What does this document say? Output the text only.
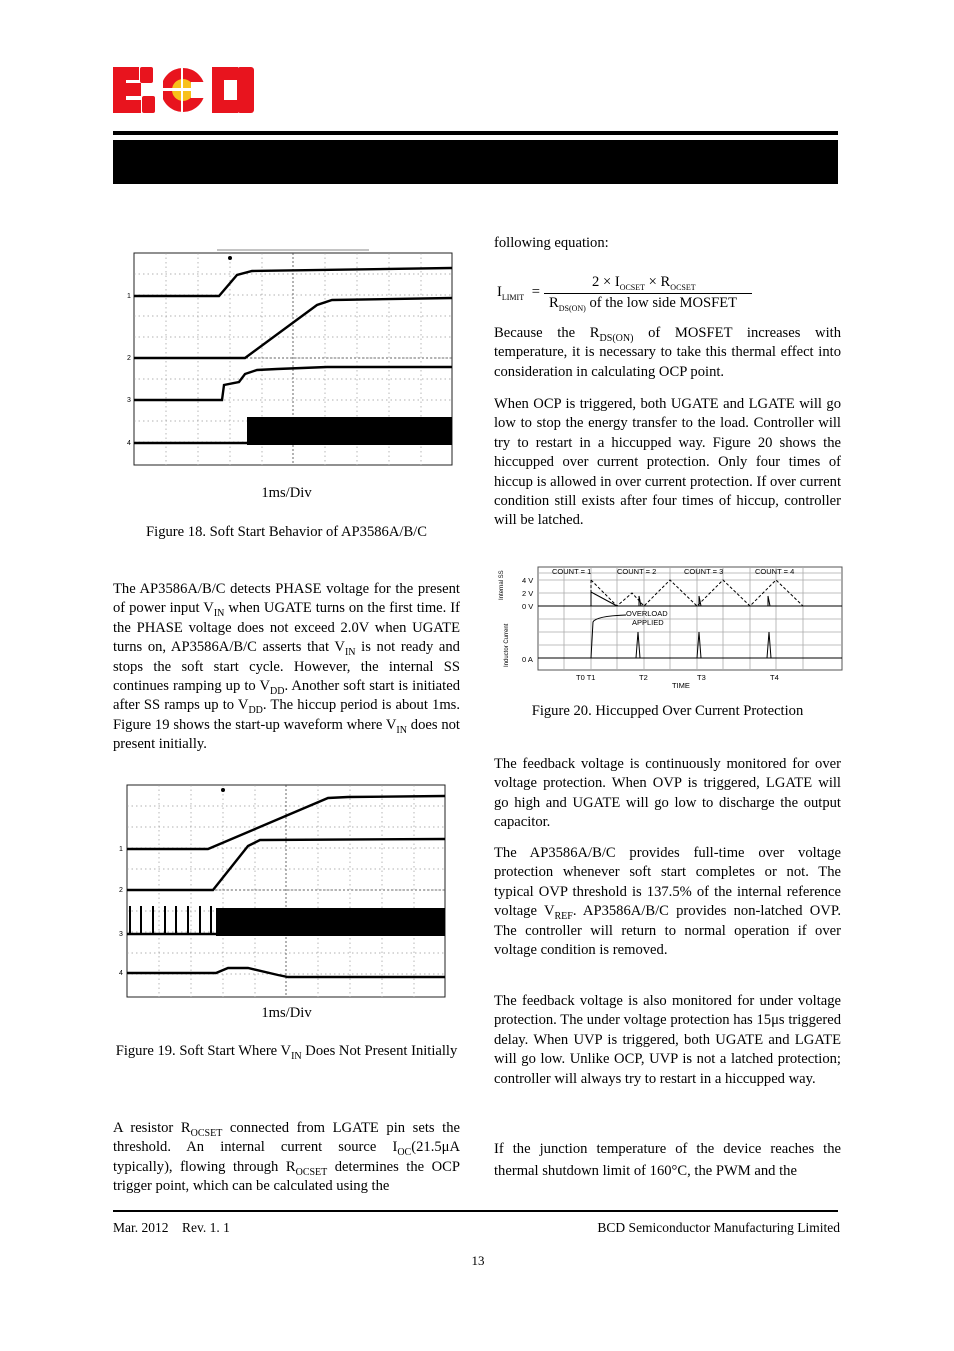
1
2
3
4

1ms/Div

Figure 18. Soft Start Behavior of AP3586A/B/C

The AP3586A/B/C detects PHASE voltage for the present of power input $V_{IN}$ when UGATE turns on the first time. If the PHASE voltage does not exceed 2.0V when UGATE turns on, AP3586A/B/C asserts that $V_{IN}$ is not ready and stops the soft start cycle. However, the internal SS continues ramping up to $V_{DD}$. Another soft start is initiated after SS ramps up to $V_{DD}$. The hiccup period is about 1ms. Figure 19 shows the start-up waveform where $V_{IN}$ does not present initially.

1
2
3
4

1ms/Div

Figure 19. Soft Start Where $V_{IN}$ Does Not Present Initially

A resistor $R_{OCSET}$ connected from LGATE pin sets the threshold. An internal current source $I_{OC}(21.5\mu A$ typically), flowing through $R_{OCSET}$ determines the OCP trigger point, which can be calculated using the

following equation:

$I_{LIMIT}$ =
$2 \times I_{OCSET} \times R_{OCSET}$
$R_{DS(ON)}$ of the low side MOSFET

Because the $R_{DS(ON)}$ of MOSFET increases with temperature, it is necessary to take this thermal effect into consideration in calculating OCP point.

When OCP is triggered, both UGATE and LGATE will go low to stop the energy transfer to the load. Controller will try to restart in a hiccupped way. Figure 20 shows the hiccupped over current protection. Only four times of hiccup is allowed in over current protection. If over current condition still exists after four times of hiccup, controller will be latched.

COUNT = 1	COUNT = 2	COUNT = 3	COUNT = 4
4 V
2 V
0 V
0 A
OVERLOAD
APPLIED
T0 T1	T2	T3	T4
TIME
Internal SS
Inductor Current

Figure 20. Hiccupped Over Current Protection

The feedback voltage is continuously monitored for over voltage protection. When OVP is triggered, LGATE will go high and UGATE will go low to discharge the output capacitor.

The AP3586A/B/C provides full-time over voltage protection whenever soft start completes or not. The typical OVP threshold is 137.5% of the internal reference voltage $V_{REF}$. AP3586A/B/C provides non-latched OVP. The controller will return to normal operation if over voltage condition is removed.

The feedback voltage is also monitored for under voltage protection. The under voltage protection has 15μs triggered delay. When UVP is triggered, both UGATE and LGATE will go low. Unlike OCP, UVP is not a latched protection; controller will always try to restart in a hiccupped way.

If the junction temperature of the device reaches the thermal shutdown limit of 160°C, the PWM and the

Mar. 2012    Rev. 1. 1	BCD Semiconductor Manufacturing Limited
13
